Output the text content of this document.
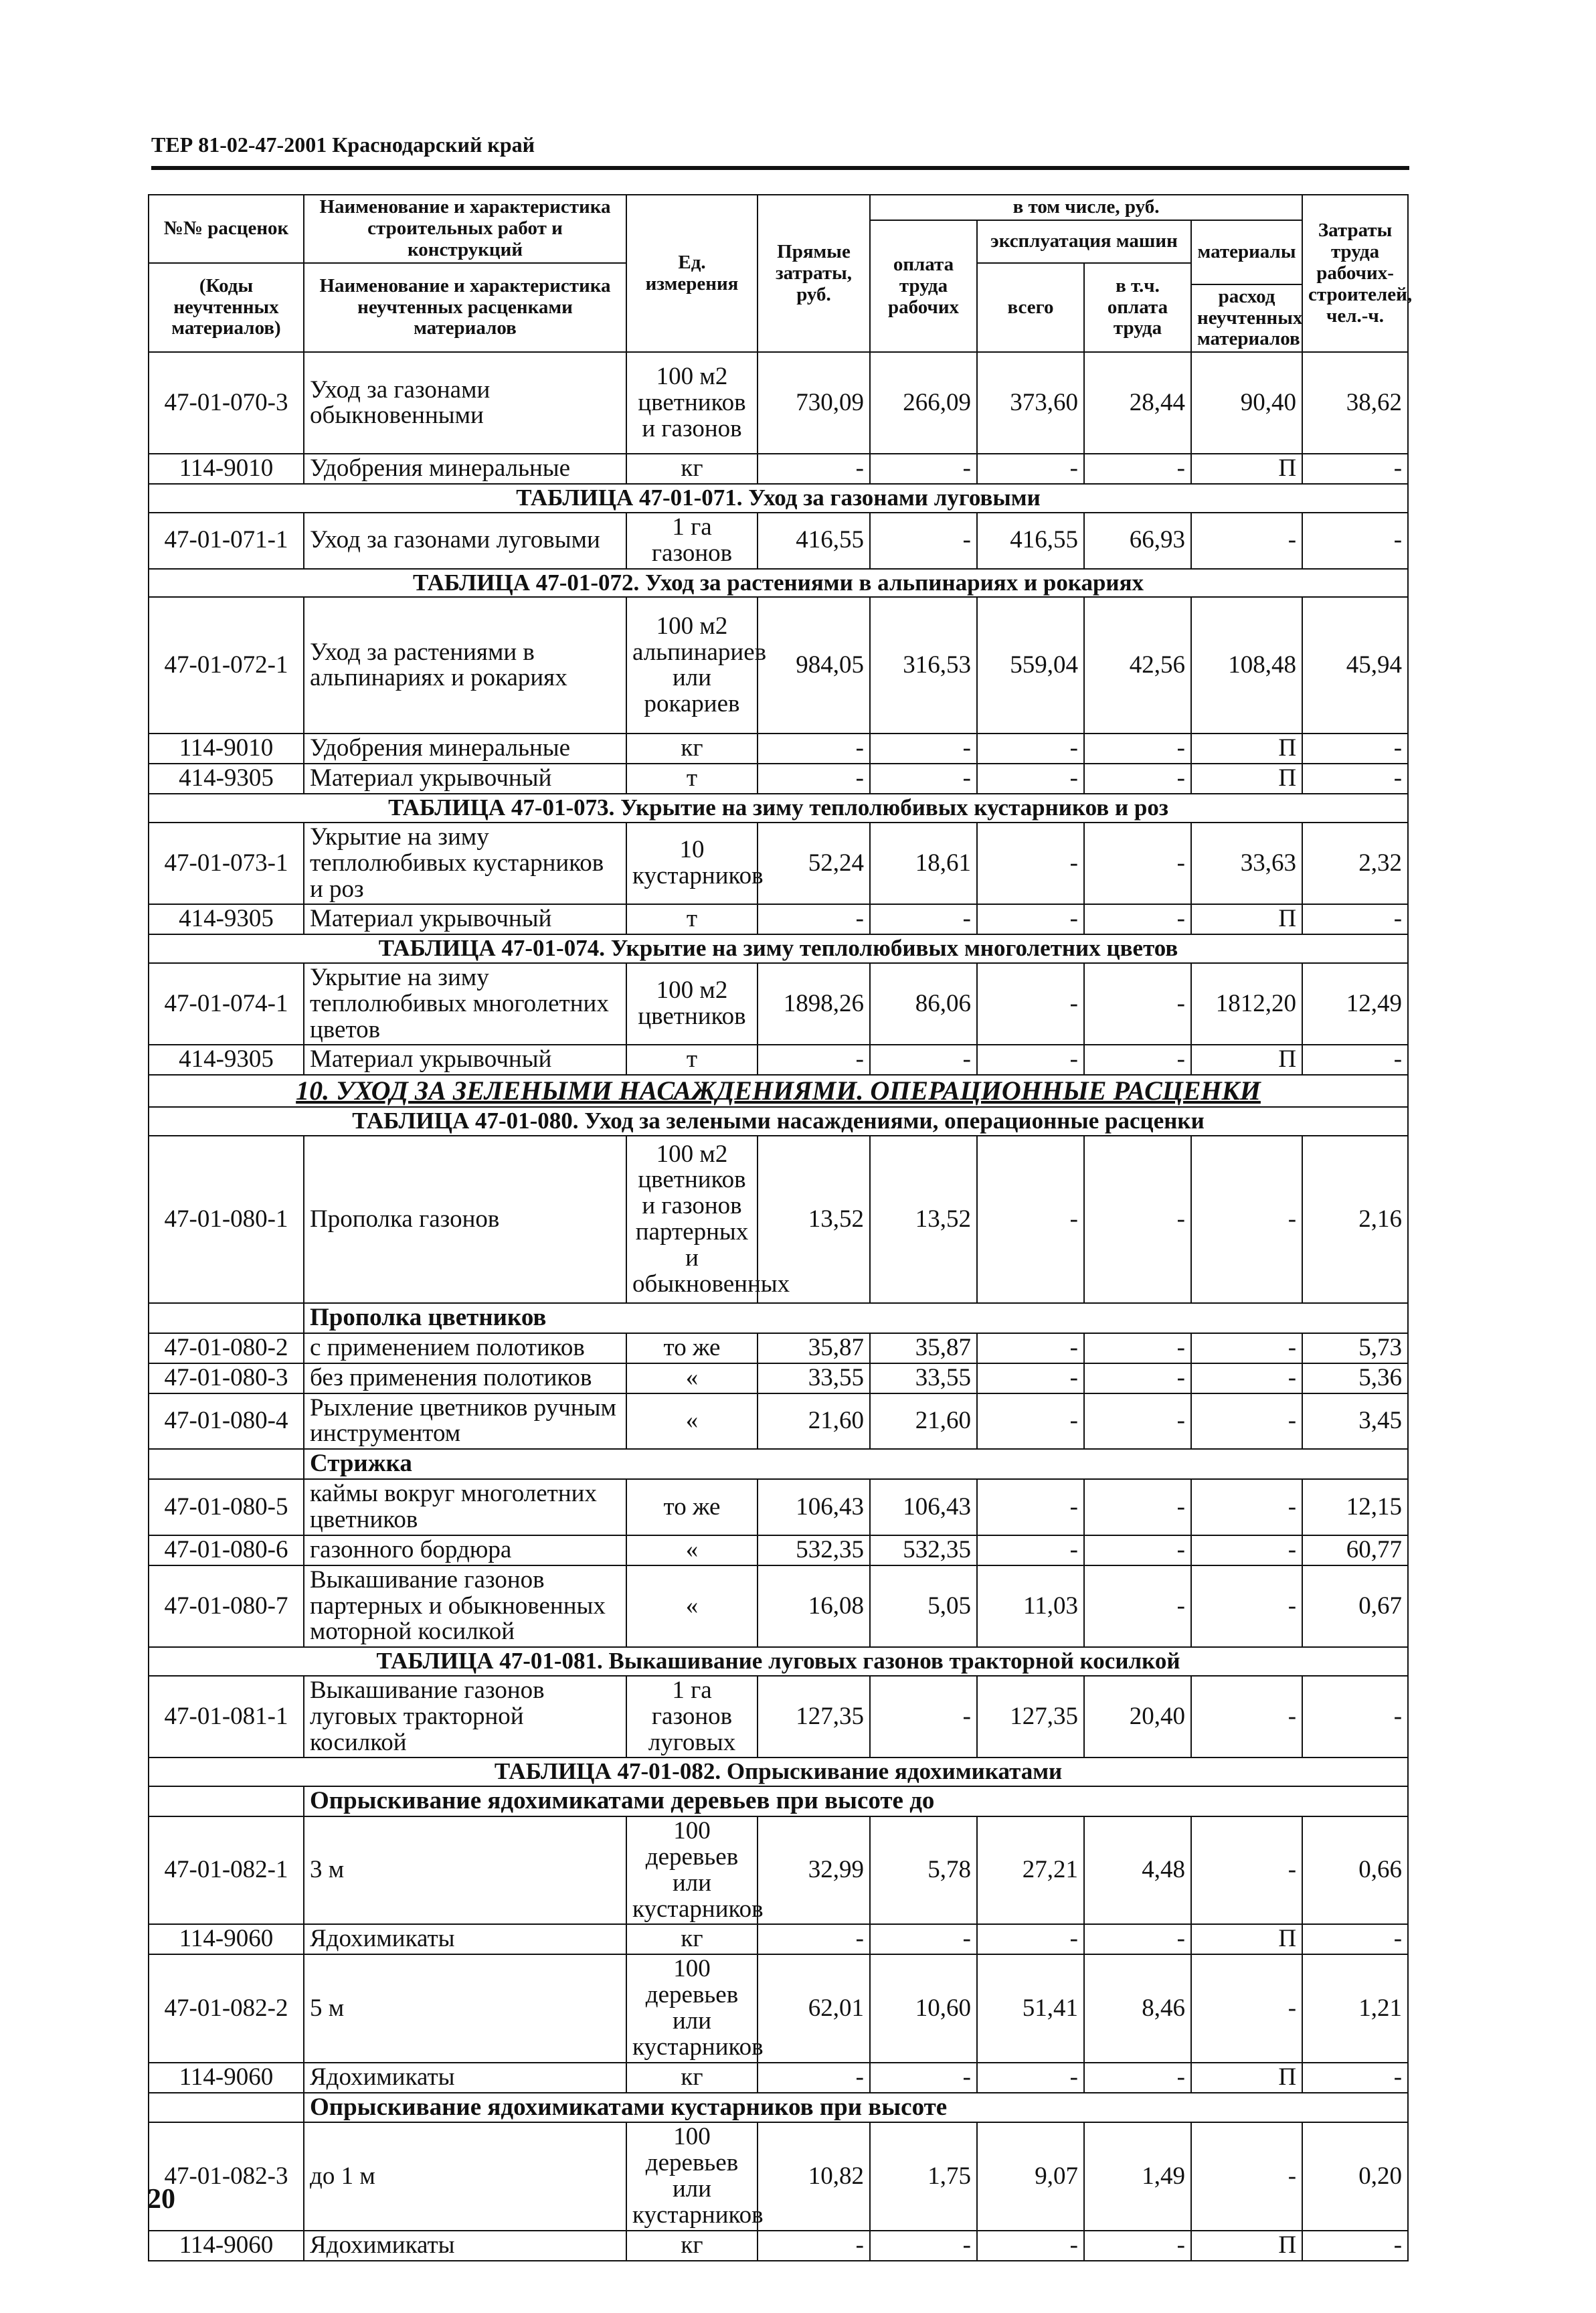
ТЕР 81-02-47-2001 Краснодарский край
№№ расценок	Наименование и характеристика строительных работ и конструкций	Ед. измерения	Прямые затраты, руб.	в том числе, руб.				Затраты труда рабочих-строителей, чел.-ч.
				оплата труда рабочих	эксплуатация машин		материалы	
(Коды неучтенных материалов)	Наименование и характеристика неучтенных расценками материалов				всего	в т.ч. оплата труда		
							расход неучтенных материалов	
47-01-070-3	Уход за газонами обыкновенными	100 м2 цветников и газонов	730,09	266,09	373,60	28,44	90,40	38,62
114-9010	Удобрения минеральные	кг	-	-	-	-	П	-
ТАБЛИЦА 47-01-071. Уход за газонами луговыми								
47-01-071-1	Уход за газонами луговыми	1 га газонов	416,55	-	416,55	66,93	-	-
ТАБЛИЦА 47-01-072. Уход за растениями в альпинариях и рокариях								
47-01-072-1	Уход за растениями в альпинариях и рокариях	100 м2 альпинариев или рокариев	984,05	316,53	559,04	42,56	108,48	45,94
114-9010	Удобрения минеральные	кг	-	-	-	-	П	-
414-9305	Материал укрывочный	т	-	-	-	-	П	-
ТАБЛИЦА 47-01-073. Укрытие на зиму теплолюбивых кустарников и роз								
47-01-073-1	Укрытие на зиму теплолюбивых кустарников и роз	10 кустарников	52,24	18,61	-	-	33,63	2,32
414-9305	Материал укрывочный	т	-	-	-	-	П	-
ТАБЛИЦА 47-01-074. Укрытие на зиму теплолюбивых многолетних цветов								
47-01-074-1	Укрытие на зиму теплолюбивых многолетних цветов	100 м2 цветников	1898,26	86,06	-	-	1812,20	12,49
414-9305	Материал укрывочный	т	-	-	-	-	П	-
10. УХОД ЗА ЗЕЛЕНЫМИ НАСАЖДЕНИЯМИ. ОПЕРАЦИОННЫЕ РАСЦЕНКИ								
ТАБЛИЦА 47-01-080. Уход за зелеными насаждениями, операционные расценки								
47-01-080-1	Прополка газонов	100 м2 цветников и газонов партерных и обыкновенных	13,52	13,52	-	-	-	2,16
	Прополка цветников							
47-01-080-2	с применением полотиков	то же	35,87	35,87	-	-	-	5,73
47-01-080-3	без применения полотиков	«	33,55	33,55	-	-	-	5,36
47-01-080-4	Рыхление цветников ручным инструментом	«	21,60	21,60	-	-	-	3,45
	Стрижка							
47-01-080-5	каймы вокруг многолетних цветников	то же	106,43	106,43	-	-	-	12,15
47-01-080-6	газонного бордюра	«	532,35	532,35	-	-	-	60,77
47-01-080-7	Выкашивание газонов партерных и обыкновенных моторной косилкой	«	16,08	5,05	11,03	-	-	0,67
ТАБЛИЦА 47-01-081. Выкашивание луговых газонов тракторной косилкой								
47-01-081-1	Выкашивание газонов луговых тракторной косилкой	1 га газонов луговых	127,35	-	127,35	20,40	-	-
ТАБЛИЦА 47-01-082. Опрыскивание ядохимикатами								
	Опрыскивание ядохимикатами деревьев при высоте до							
47-01-082-1	3 м	100 деревьев или кустарников	32,99	5,78	27,21	4,48	-	0,66
114-9060	Ядохимикаты	кг	-	-	-	-	П	-
47-01-082-2	5 м	100 деревьев или кустарников	62,01	10,60	51,41	8,46	-	1,21
114-9060	Ядохимикаты	кг	-	-	-	-	П	-
	Опрыскивание ядохимикатами кустарников при высоте							
47-01-082-3	до 1 м	100 деревьев или кустарников	10,82	1,75	9,07	1,49	-	0,20
114-9060	Ядохимикаты	кг	-	-	-	-	П	-
20
